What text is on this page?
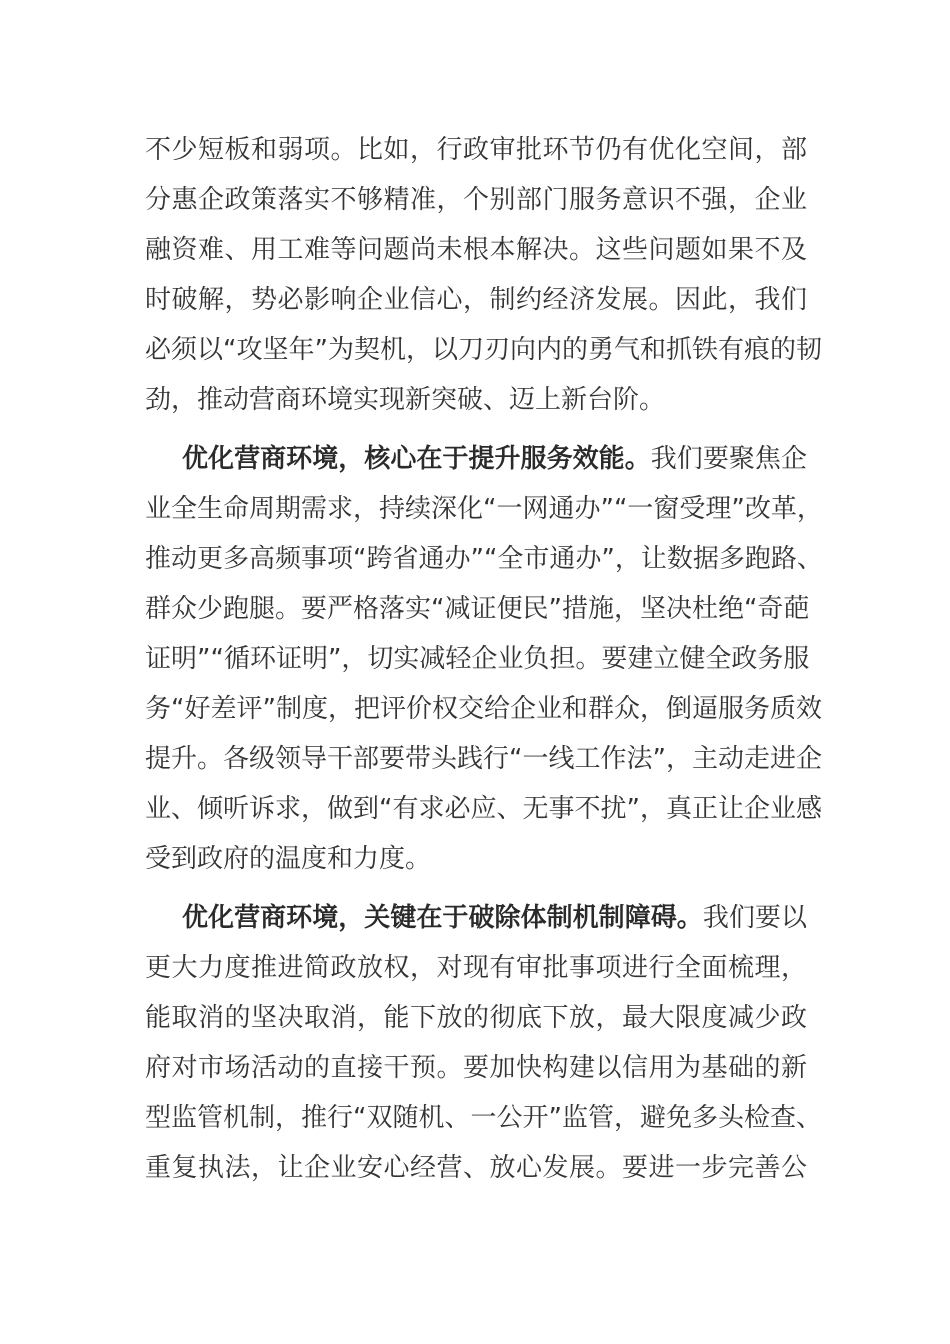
不少短板和弱项。比如，行政审批环节仍有优化空间，部
分惠企政策落实不够精准，个别部门服务意识不强，企业
融资难、用工难等问题尚未根本解决。这些问题如果不及
时破解，势必影响企业信心，制约经济发展。因此，我们
必须以“攻坚年”为契机，以刀刃向内的勇气和抓铁有痕的韧
劲，推动营商环境实现新突破、迈上新台阶。
优化营商环境，核心在于提升服务效能。我们要聚焦企
业全生命周期需求，持续深化“一网通办”“一窗受理”改革，
推动更多高频事项“跨省通办”“全市通办”，让数据多跑路、
群众少跑腿。要严格落实“减证便民”措施，坚决杜绝“奇葩
证明”“循环证明”，切实减轻企业负担。要建立健全政务服
务“好差评”制度，把评价权交给企业和群众，倒逼服务质效
提升。各级领导干部要带头践行“一线工作法”，主动走进企
业、倾听诉求，做到“有求必应、无事不扰”，真正让企业感
受到政府的温度和力度。
优化营商环境，关键在于破除体制机制障碍。我们要以
更大力度推进简政放权，对现有审批事项进行全面梳理，
能取消的坚决取消，能下放的彻底下放，最大限度减少政
府对市场活动的直接干预。要加快构建以信用为基础的新
型监管机制，推行“双随机、一公开”监管，避免多头检查、
重复执法，让企业安心经营、放心发展。要进一步完善公
